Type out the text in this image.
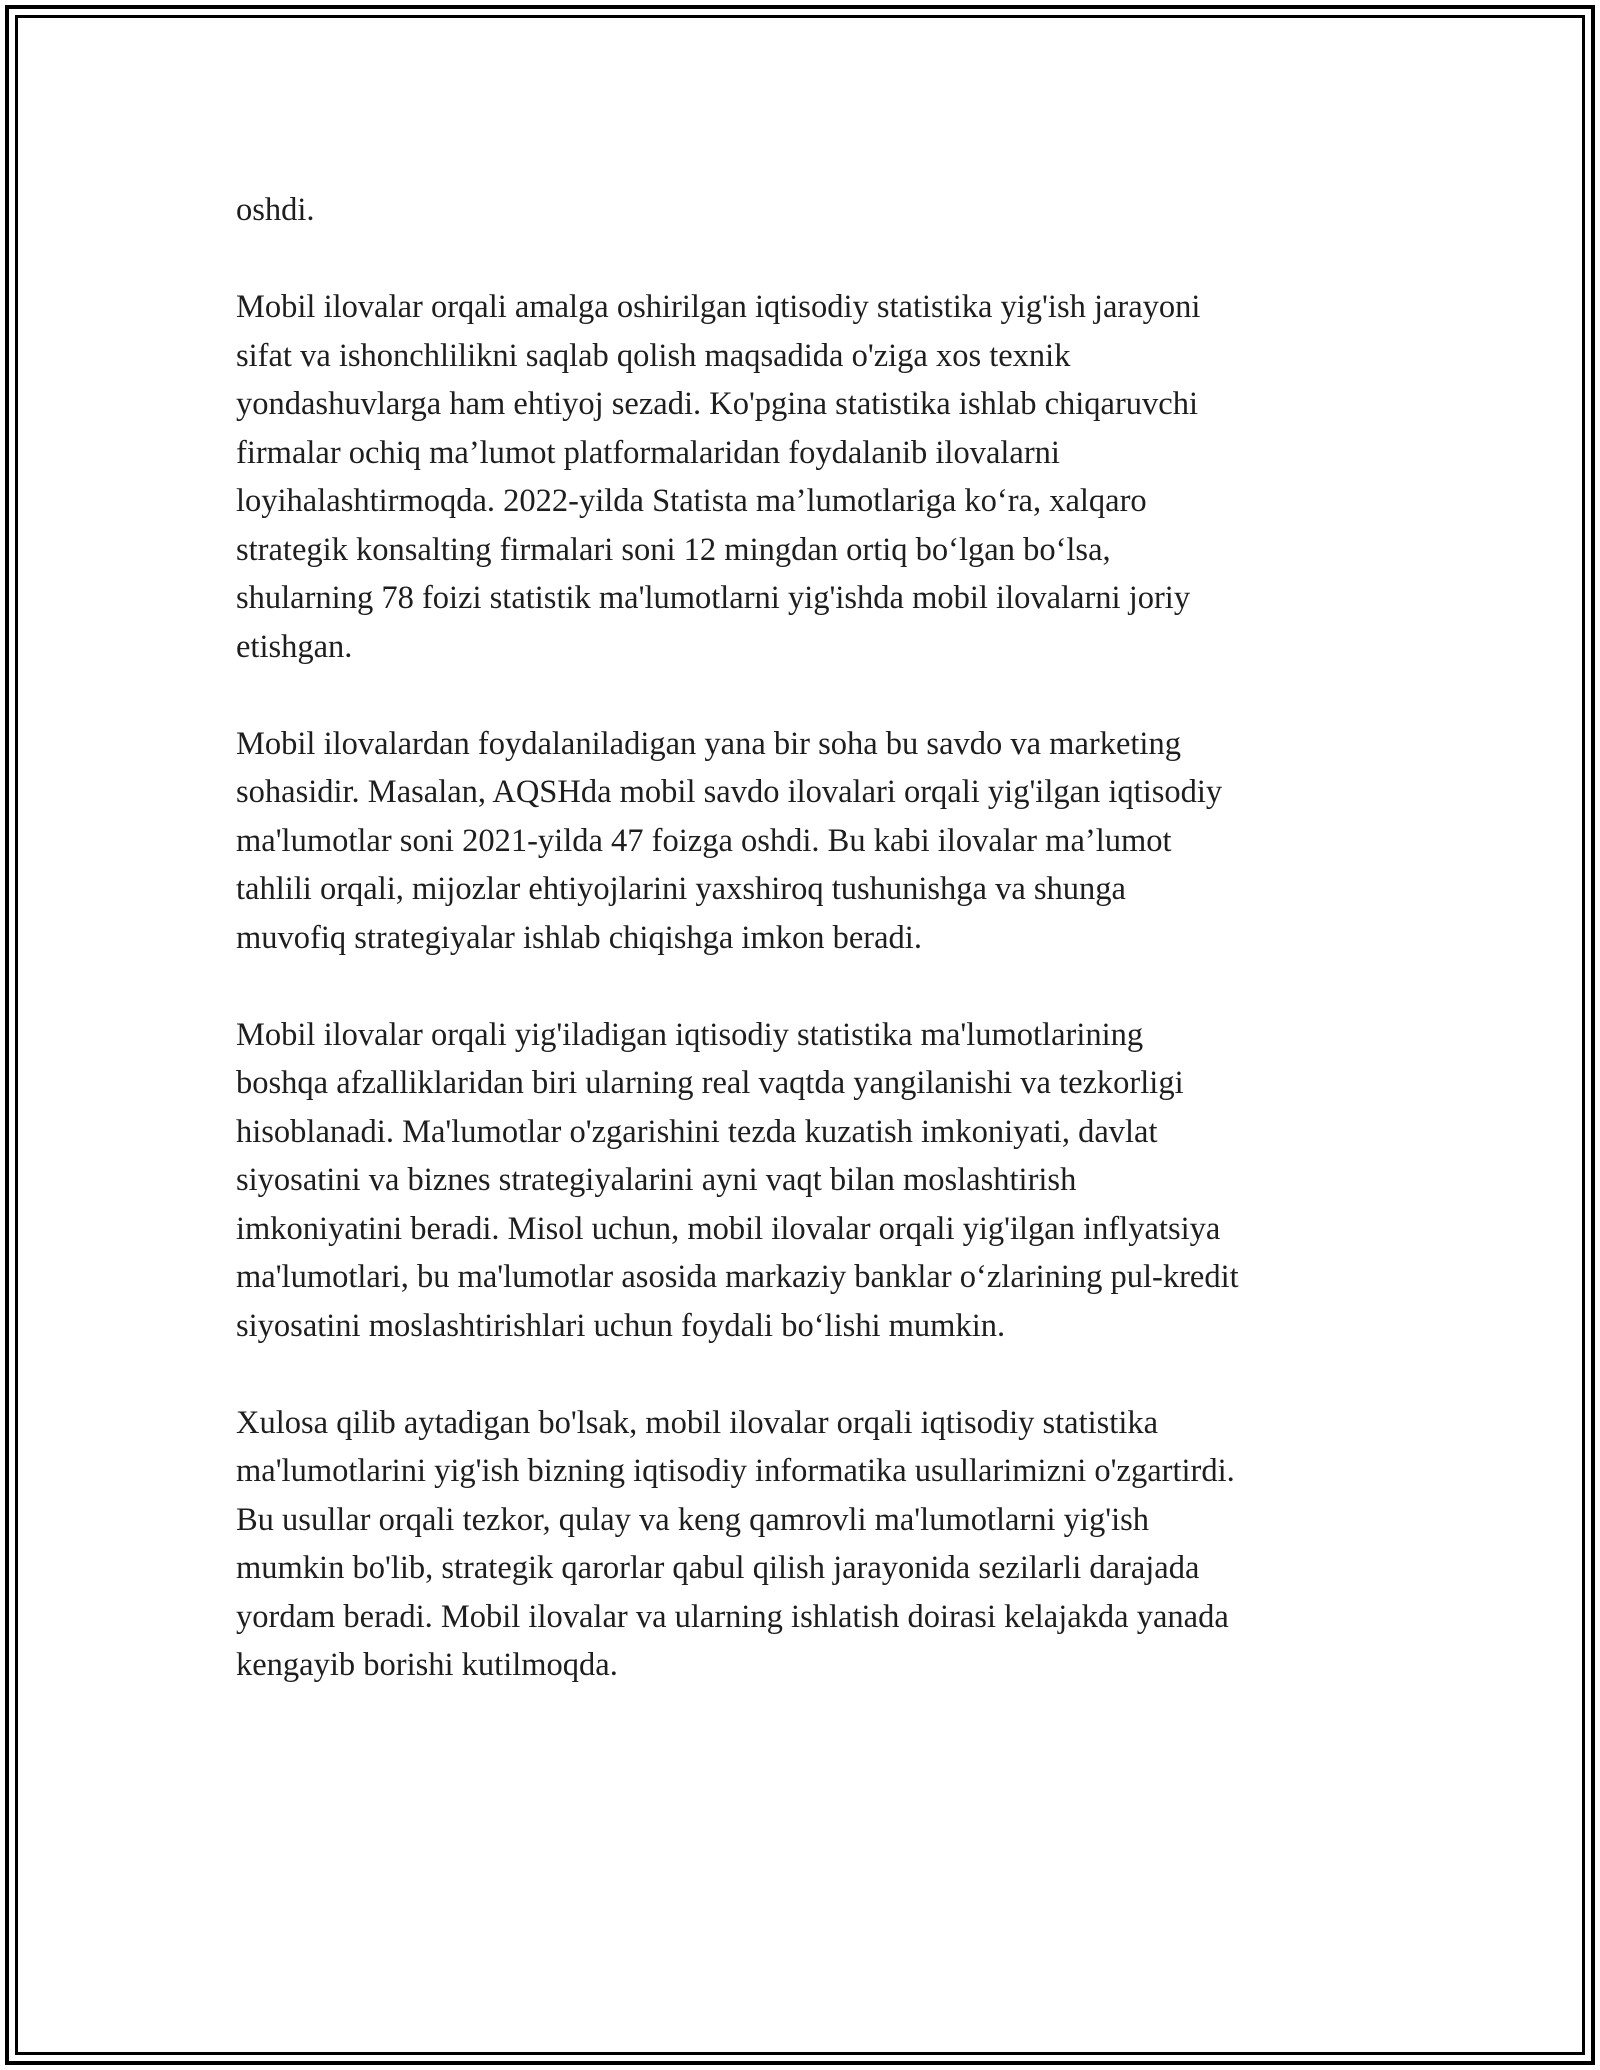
oshdi.

Mobil ilovalar orqali amalga oshirilgan iqtisodiy statistika yig'ish jarayoni
sifat va ishonchlilikni saqlab qolish maqsadida o'ziga xos texnik
yondashuvlarga ham ehtiyoj sezadi. Ko'pgina statistika ishlab chiqaruvchi
firmalar ochiq ma’lumot platformalaridan foydalanib ilovalarni
loyihalashtirmoqda. 2022-yilda Statista ma’lumotlariga ko‘ra, xalqaro
strategik konsalting firmalari soni 12 mingdan ortiq bo‘lgan bo‘lsa,
shularning 78 foizi statistik ma'lumotlarni yig'ishda mobil ilovalarni joriy
etishgan.

Mobil ilovalardan foydalaniladigan yana bir soha bu savdo va marketing
sohasidir. Masalan, AQSHda mobil savdo ilovalari orqali yig'ilgan iqtisodiy
ma'lumotlar soni 2021-yilda 47 foizga oshdi. Bu kabi ilovalar ma’lumot
tahlili orqali, mijozlar ehtiyojlarini yaxshiroq tushunishga va shunga
muvofiq strategiyalar ishlab chiqishga imkon beradi.

Mobil ilovalar orqali yig'iladigan iqtisodiy statistika ma'lumotlarining
boshqa afzalliklaridan biri ularning real vaqtda yangilanishi va tezkorligi
hisoblanadi. Ma'lumotlar o'zgarishini tezda kuzatish imkoniyati, davlat
siyosatini va biznes strategiyalarini ayni vaqt bilan moslashtirish
imkoniyatini beradi. Misol uchun, mobil ilovalar orqali yig'ilgan inflyatsiya
ma'lumotlari, bu ma'lumotlar asosida markaziy banklar o‘zlarining pul-kredit
siyosatini moslashtirishlari uchun foydali bo‘lishi mumkin.

Xulosa qilib aytadigan bo'lsak, mobil ilovalar orqali iqtisodiy statistika
ma'lumotlarini yig'ish bizning iqtisodiy informatika usullarimizni o'zgartirdi.
Bu usullar orqali tezkor, qulay va keng qamrovli ma'lumotlarni yig'ish
mumkin bo'lib, strategik qarorlar qabul qilish jarayonida sezilarli darajada
yordam beradi. Mobil ilovalar va ularning ishlatish doirasi kelajakda yanada
kengayib borishi kutilmoqda.
